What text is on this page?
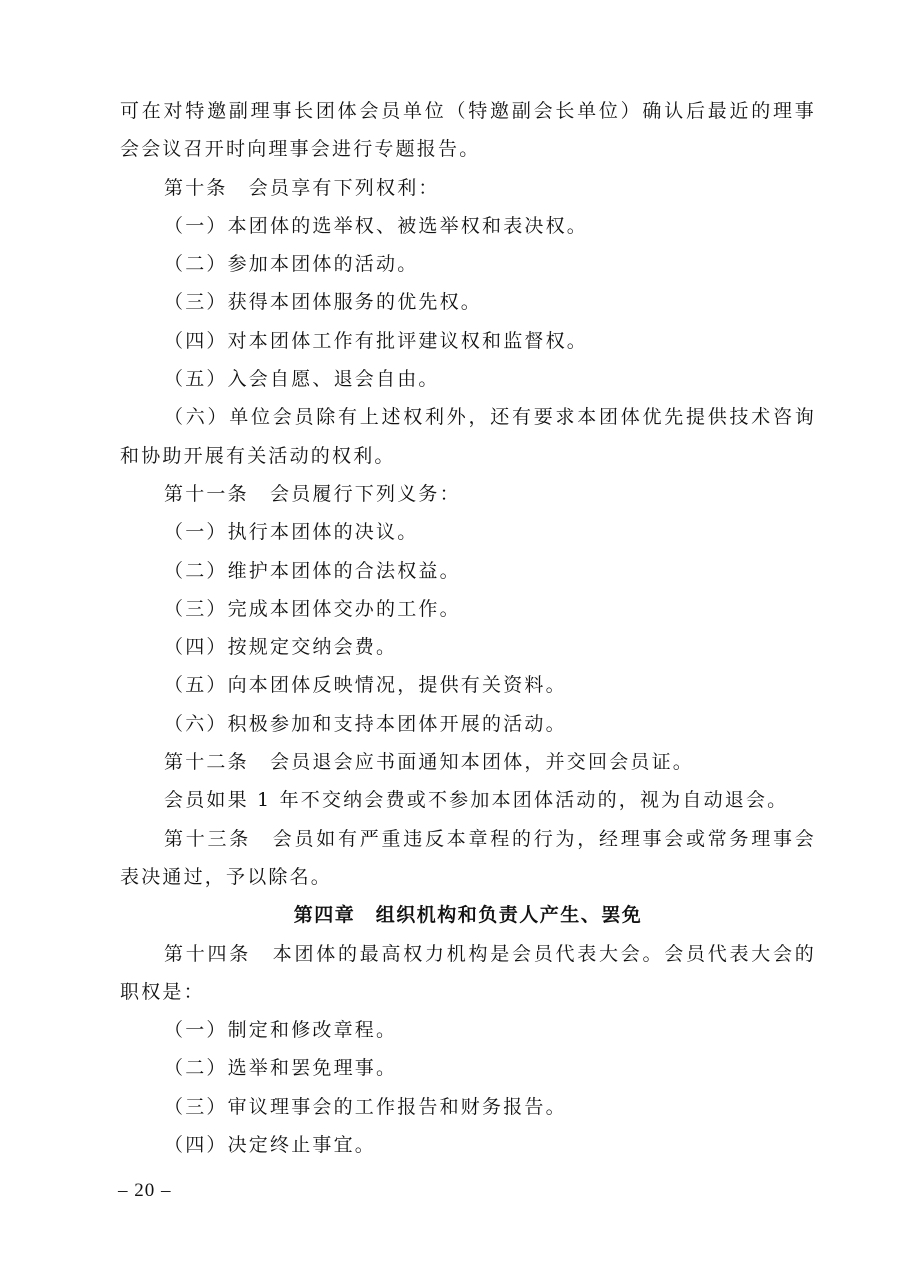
可在对特邀副理事长团体会员单位（特邀副会长单位）确认后最近的理事会会议召开时向理事会进行专题报告。

第十条　会员享有下列权利：

（一）本团体的选举权、被选举权和表决权。

（二）参加本团体的活动。

（三）获得本团体服务的优先权。

（四）对本团体工作有批评建议权和监督权。

（五）入会自愿、退会自由。

（六）单位会员除有上述权利外，还有要求本团体优先提供技术咨询和协助开展有关活动的权利。

第十一条　会员履行下列义务：

（一）执行本团体的决议。

（二）维护本团体的合法权益。

（三）完成本团体交办的工作。

（四）按规定交纳会费。

（五）向本团体反映情况，提供有关资料。

（六）积极参加和支持本团体开展的活动。

第十二条　会员退会应书面通知本团体，并交回会员证。

会员如果 1 年不交纳会费或不参加本团体活动的，视为自动退会。

第十三条　会员如有严重违反本章程的行为，经理事会或常务理事会表决通过，予以除名。

第四章　组织机构和负责人产生、罢免

第十四条　本团体的最高权力机构是会员代表大会。会员代表大会的职权是：

（一）制定和修改章程。

（二）选举和罢免理事。

（三）审议理事会的工作报告和财务报告。

（四）决定终止事宜。

– 20 –
